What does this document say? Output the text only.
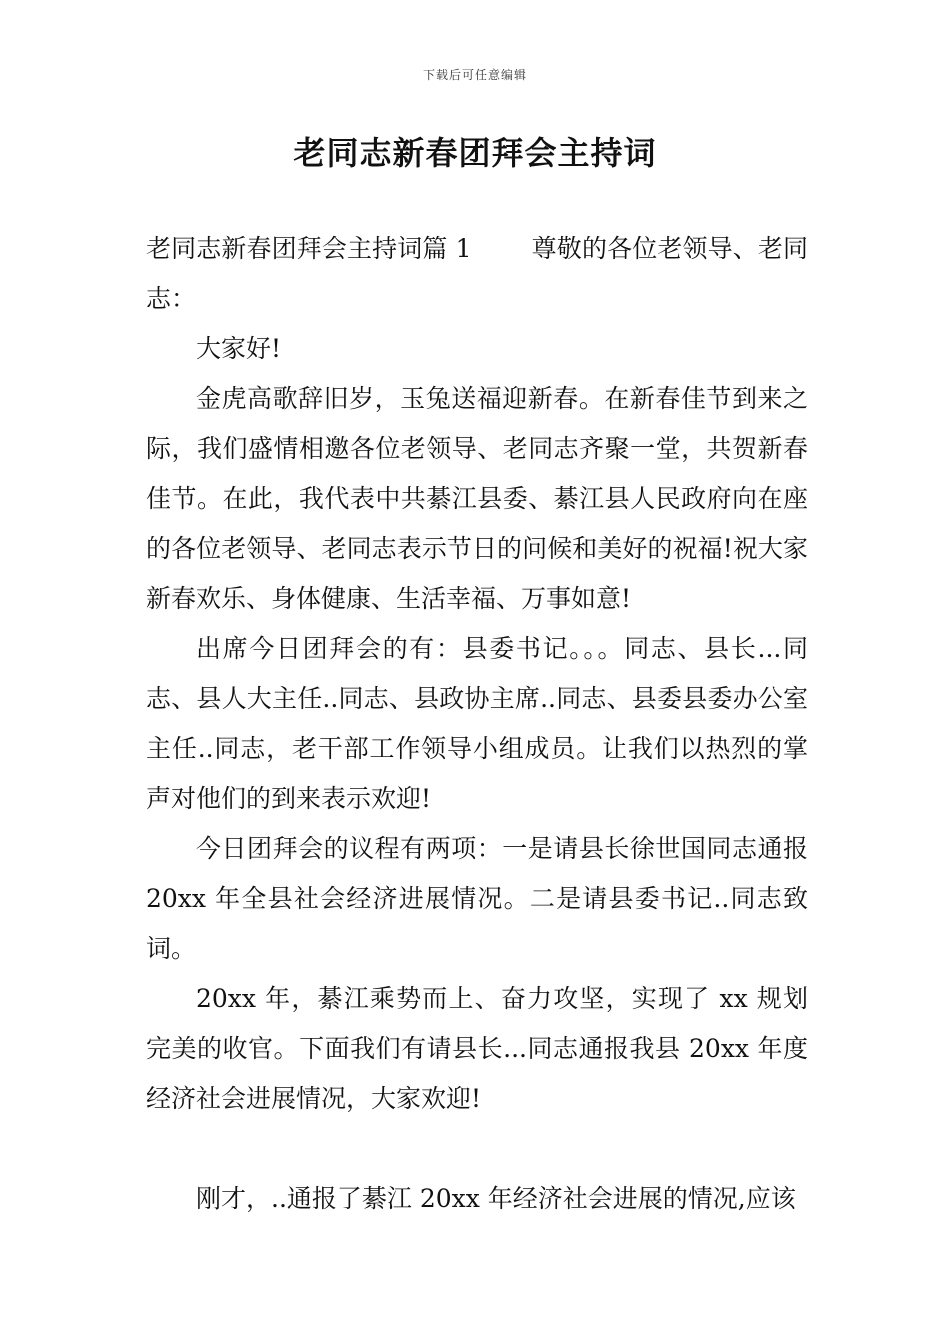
下载后可任意编辑
老同志新春团拜会主持词

老同志新春团拜会主持词篇 1 尊敬的各位老领导、老同志：

大家好!

金虎高歌辞旧岁，玉兔送福迎新春。在新春佳节到来之际，我们盛情相邀各位老领导、老同志齐聚一堂，共贺新春佳节。在此，我代表中共綦江县委、綦江县人民政府向在座的各位老领导、老同志表示节日的问候和美好的祝福!祝大家新春欢乐、身体健康、生活幸福、万事如意!

出席今日团拜会的有：县委书记。。。同志、县长...同志、县人大主任..同志、县政协主席..同志、县委县委办公室主任..同志，老干部工作领导小组成员。让我们以热烈的掌声对他们的到来表示欢迎!

今日团拜会的议程有两项：一是请县长徐世国同志通报 20xx 年全县社会经济进展情况。二是请县委书记..同志致词。

20xx 年，綦江乘势而上、奋力攻坚，实现了 xx 规划完美的收官。下面我们有请县长...同志通报我县 20xx 年度经济社会进展情况，大家欢迎!

刚才，..通报了綦江 20xx 年经济社会进展的情况,应该
